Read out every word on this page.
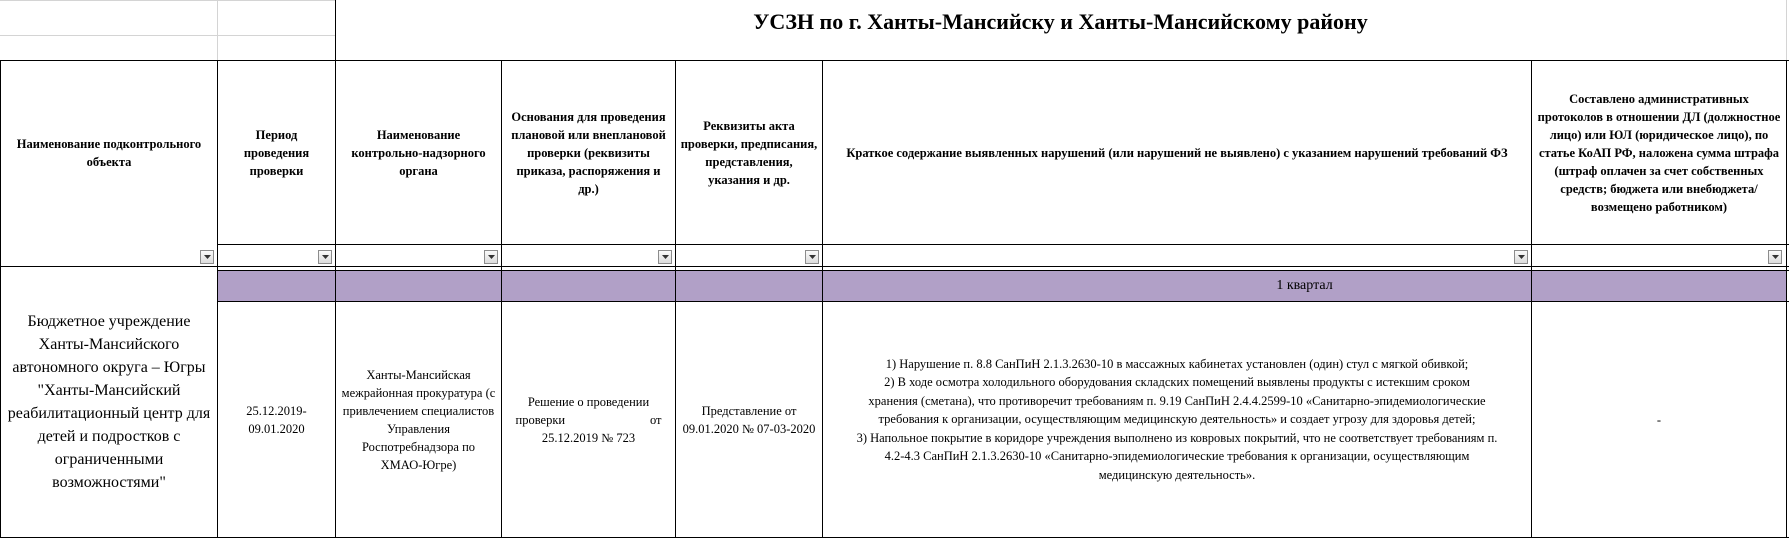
УСЗН по г. Ханты-Мансийску и Ханты-Мансийскому району
Наименование подконтрольного объекта
Период проведения проверки
Наименование контрольно-надзорного органа
Основания для проведения плановой или внеплановой проверки (реквизиты приказа, распоряжения и др.)
Реквизиты акта проверки, предписания, представления, указания и др.
Краткое содержание выявленных нарушений (или нарушений не выявлено) с указанием нарушений требований ФЗ
Составлено административных протоколов в отношении ДЛ (должностное лицо) или ЮЛ (юридическое лицо), по статье КоАП РФ, наложена сумма штрафа (штраф оплачен за счет собственных средств; бюджета или внебюджета/ возмещено работником)
1 квартал
Бюджетное учреждение Ханты-Мансийского автономного округа – Югры "Ханты-Мансийский реабилитационный центр для детей и подростков с ограниченными возможностями"
25.12.2019-09.01.2020
Ханты-Мансийская межрайонная прокуратура (с привлечением специалистов Управления Роспотребнадзора по ХМАО-Югре)
Решение о проведении
проверки	от
25.12.2019 № 723
Представление от 09.01.2020 № 07-03-2020
1) Нарушение п. 8.8 СанПиН 2.1.3.2630-10 в массажных кабинетах установлен (один) стул с мягкой обивкой;
2) В ходе осмотра холодильного оборудования складских помещений выявлены продукты с истекшим сроком хранения (сметана), что противоречит требованиям п. 9.19 СанПиН 2.4.4.2599-10 «Санитарно-эпидемиологические требования к организации, осуществляющим медицинскую деятельность» и создает угрозу для здоровья детей;
3) Напольное покрытие в коридоре учреждения выполнено из ковровых покрытий, что не соответствует требованиям п. 4.2-4.3 СанПиН 2.1.3.2630-10 «Санитарно-эпидемиологические требования к организации, осуществляющим медицинскую деятельность».
-
